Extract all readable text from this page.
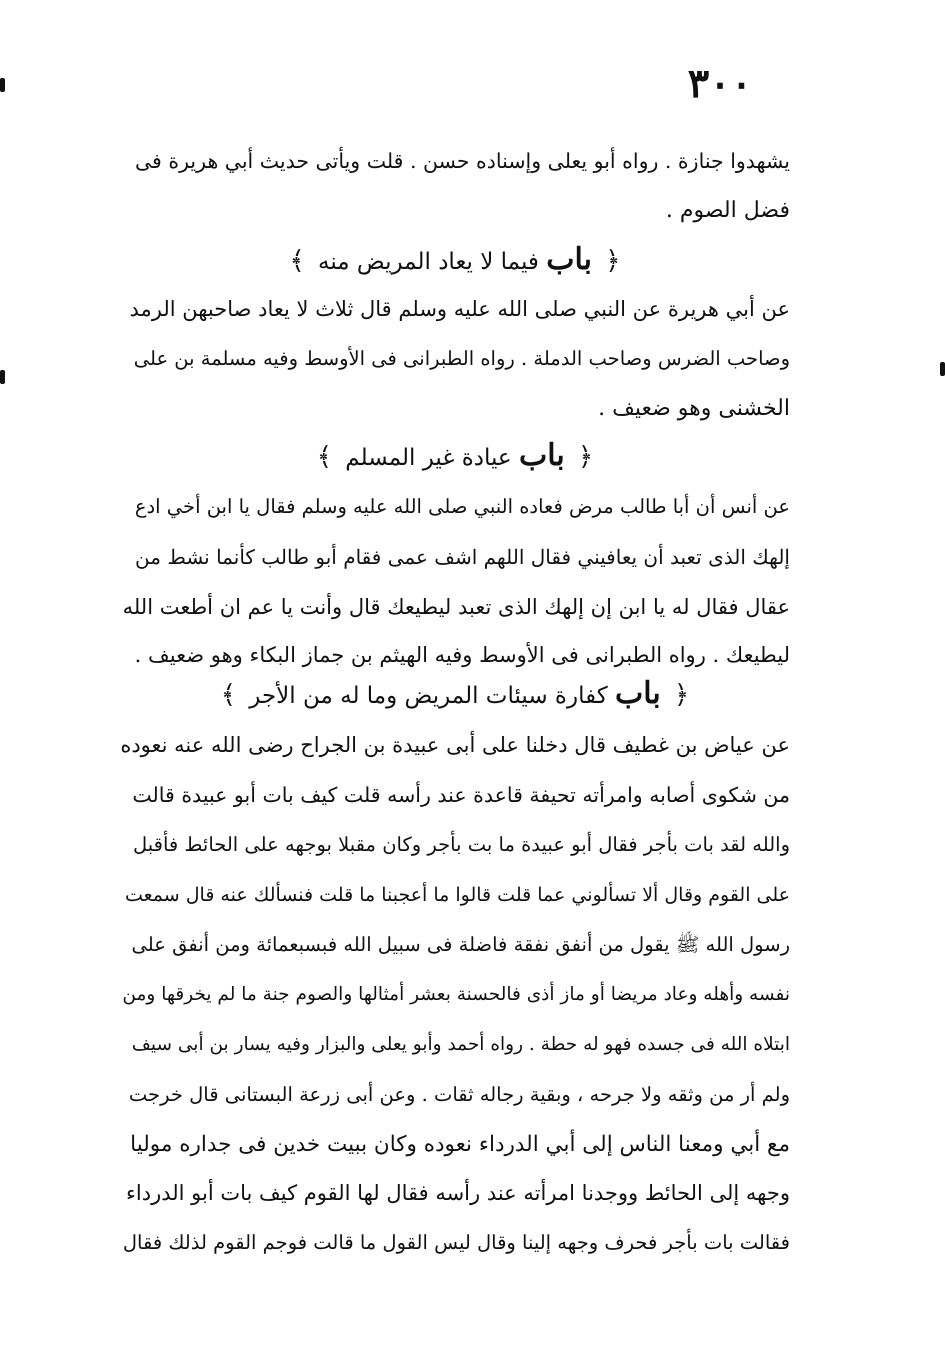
٣٠٠
يشهدوا جنازة . رواه أبو يعلى وإسناده حسن . قلت ويأتى حديث أبي هريرة فى
فضل الصوم .
﴿ باب فيما لا يعاد المريض منه ﴾
عن أبي هريرة عن النبي صلى الله عليه وسلم قال ثلاث لا يعاد صاحبهن الرمد
وصاحب الضرس وصاحب الدملة . رواه الطبرانى فى الأوسط وفيه مسلمة بن على
الخشنى وهو ضعيف .
﴿ باب عيادة غير المسلم ﴾
عن أنس أن أبا طالب مرض فعاده النبي صلى الله عليه وسلم فقال يا ابن أخي ادع
إلهك الذى تعبد أن يعافيني فقال اللهم اشف عمى فقام أبو طالب كأنما نشط من
عقال فقال له يا ابن إن إلهك الذى تعبد ليطيعك قال وأنت يا عم ان أطعت الله
ليطيعك . رواه الطبرانى فى الأوسط وفيه الهيثم بن جماز البكاء وهو ضعيف .
﴿ باب كفارة سيئات المريض وما له من الأجر ﴾
عن عياض بن غطيف قال دخلنا على أبى عبيدة بن الجراح رضى الله عنه نعوده
من شكوى أصابه وامرأته تحيفة قاعدة عند رأسه قلت كيف بات أبو عبيدة قالت
والله لقد بات بأجر فقال أبو عبيدة ما بت بأجر وكان مقبلا بوجهه على الحائط فأقبل
على القوم وقال ألا تسألوني عما قلت قالوا ما أعجبنا ما قلت فنسألك عنه قال سمعت
رسول الله ﷺ يقول من أنفق نفقة فاضلة فى سبيل الله فبسبعمائة ومن أنفق على
نفسه وأهله وعاد مريضا أو ماز أذى فالحسنة بعشر أمثالها والصوم جنة ما لم يخرقها ومن
ابتلاه الله فى جسده فهو له حطة . رواه أحمد وأبو يعلى والبزار وفيه يسار بن أبى سيف
ولم أر من وثقه ولا جرحه ، وبقية رجاله ثقات . وعن أبى زرعة البستانى قال خرجت
مع أبي ومعنا الناس إلى أبي الدرداء نعوده وكان ببيت خدين فى جداره موليا
وجهه إلى الحائط ووجدنا امرأته عند رأسه فقال لها القوم كيف بات أبو الدرداء
فقالت بات بأجر فحرف وجهه إلينا وقال ليس القول ما قالت فوجم القوم لذلك فقال
